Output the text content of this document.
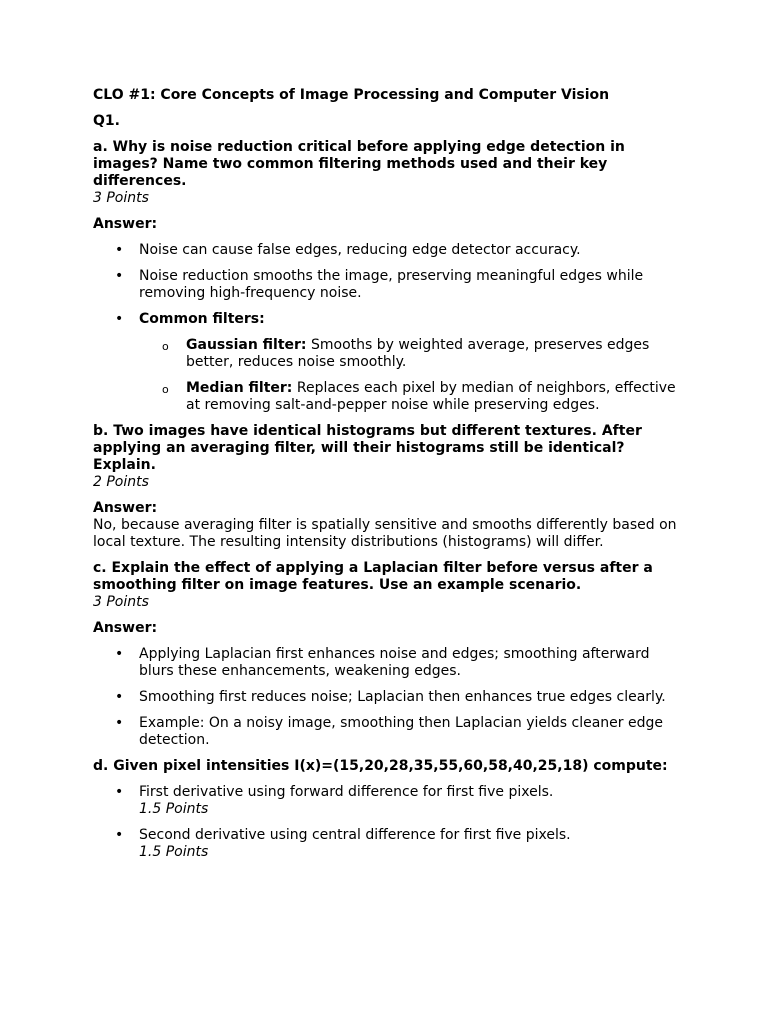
CLO #1: Core Concepts of Image Processing and Computer Vision

Q1.

a. Why is noise reduction critical before applying edge detection in images? Name two common filtering methods used and their key differences.

3 Points

Answer:

• Noise can cause false edges, reducing edge detector accuracy.
• Noise reduction smooths the image, preserving meaningful edges while removing high-frequency noise.
• Common filters:
o Gaussian filter: Smooths by weighted average, preserves edges better, reduces noise smoothly.
o Median filter: Replaces each pixel by median of neighbors, effective at removing salt-and-pepper noise while preserving edges.

b. Two images have identical histograms but different textures. After applying an averaging filter, will their histograms still be identical? Explain.

2 Points

Answer:

No, because averaging filter is spatially sensitive and smooths differently based on local texture. The resulting intensity distributions (histograms) will differ.

c. Explain the effect of applying a Laplacian filter before versus after a smoothing filter on image features. Use an example scenario.

3 Points

Answer:

• Applying Laplacian first enhances noise and edges; smoothing afterward blurs these enhancements, weakening edges.
• Smoothing first reduces noise; Laplacian then enhances true edges clearly.
• Example: On a noisy image, smoothing then Laplacian yields cleaner edge detection.

d. Given pixel intensities I(x)=(15,20,28,35,55,60,58,40,25,18) compute:

• First derivative using forward difference for first five pixels.
1.5 Points
• Second derivative using central difference for first five pixels.
1.5 Points
